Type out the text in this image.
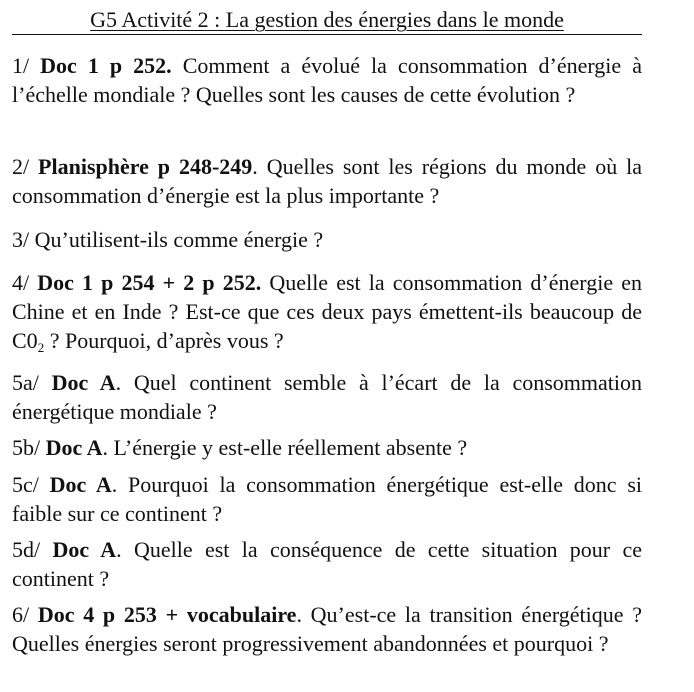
G5 Activité 2 : La gestion des énergies dans le monde
1/ Doc 1 p 252. Comment a évolué la consommation d’énergie à l’échelle mondiale ? Quelles sont les causes de cette évolution ?
2/ Planisphère p 248-249. Quelles sont les régions du monde où la consommation d’énergie est la plus importante ?
3/ Qu’utilisent-ils comme énergie ?
4/ Doc 1 p 254 + 2 p 252. Quelle est la consommation d’énergie en Chine et en Inde ? Est-ce que ces deux pays émettent-ils beaucoup de $C0_2$ ? Pourquoi, d’après vous ?
5a/ Doc A. Quel continent semble à l’écart de la consommation énergétique mondiale ?
5b/ Doc A. L’énergie y est-elle réellement absente ?
5c/ Doc A. Pourquoi la consommation énergétique est-elle donc si faible sur ce continent ?
5d/ Doc A. Quelle est la conséquence de cette situation pour ce continent ?
6/ Doc 4 p 253 + vocabulaire. Qu’est-ce la transition énergétique ? Quelles énergies seront progressivement abandonnées et pourquoi ?
